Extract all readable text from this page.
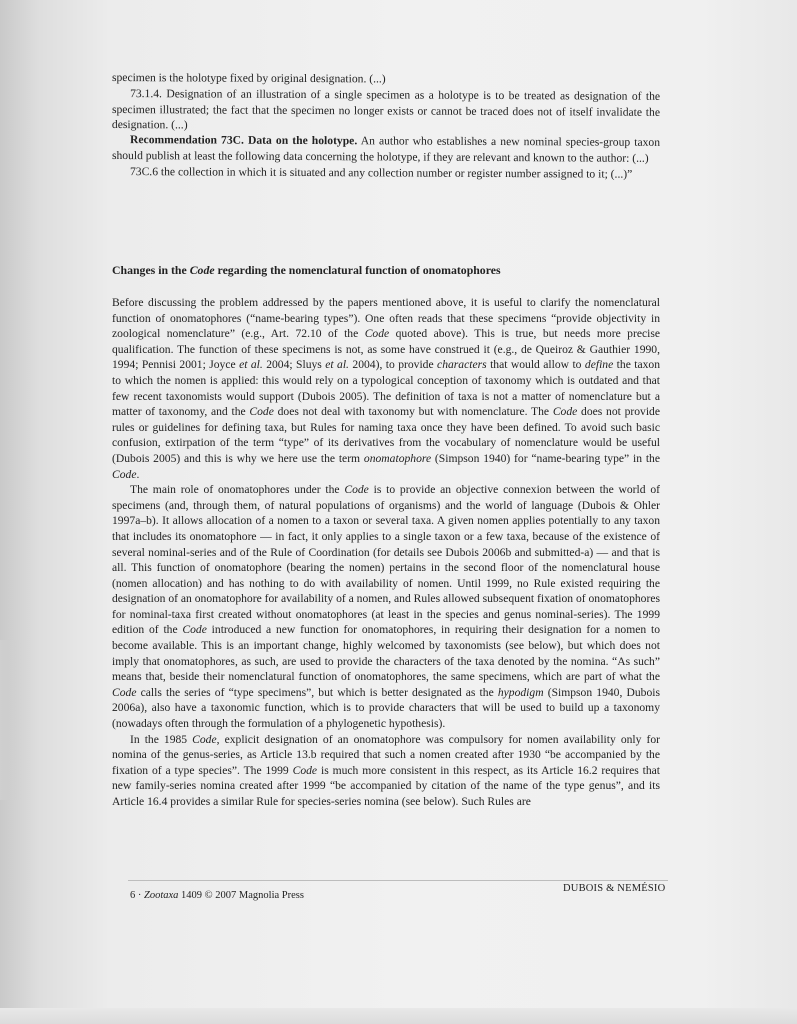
specimen is the holotype fixed by original designation. (...)

73.1.4. Designation of an illustration of a single specimen as a holotype is to be treated as designation of the specimen illustrated; the fact that the specimen no longer exists or cannot be traced does not of itself invalidate the designation. (...)

Recommendation 73C. Data on the holotype. An author who establishes a new nominal species-group taxon should publish at least the following data concerning the holotype, if they are relevant and known to the author: (...)

73C.6 the collection in which it is situated and any collection number or register number assigned to it; (...)”

Changes in the Code regarding the nomenclatural function of onomatophores

Before discussing the problem addressed by the papers mentioned above, it is useful to clarify the nomenclatural function of onomatophores (“name-bearing types”). One often reads that these specimens “provide objectivity in zoological nomenclature” (e.g., Art. 72.10 of the Code quoted above). This is true, but needs more precise qualification. The function of these specimens is not, as some have construed it (e.g., de Queiroz & Gauthier 1990, 1994; Pennisi 2001; Joyce et al. 2004; Sluys et al. 2004), to provide characters that would allow to define the taxon to which the nomen is applied: this would rely on a typological conception of taxonomy which is outdated and that few recent taxonomists would support (Dubois 2005). The definition of taxa is not a matter of nomenclature but a matter of taxonomy, and the Code does not deal with taxonomy but with nomenclature. The Code does not provide rules or guidelines for defining taxa, but Rules for naming taxa once they have been defined. To avoid such basic confusion, extirpation of the term “type” of its derivatives from the vocabulary of nomenclature would be useful (Dubois 2005) and this is why we here use the term onomatophore (Simpson 1940) for “name-bearing type” in the Code.

The main role of onomatophores under the Code is to provide an objective connexion between the world of specimens (and, through them, of natural populations of organisms) and the world of language (Dubois & Ohler 1997a–b). It allows allocation of a nomen to a taxon or several taxa. A given nomen applies potentially to any taxon that includes its onomatophore — in fact, it only applies to a single taxon or a few taxa, because of the existence of several nominal-series and of the Rule of Coordination (for details see Dubois 2006b and submitted-a) — and that is all. This function of onomatophore (bearing the nomen) pertains in the second floor of the nomenclatural house (nomen allocation) and has nothing to do with availability of nomen. Until 1999, no Rule existed requiring the designation of an onomatophore for availability of a nomen, and Rules allowed subsequent fixation of onomatophores for nominal-taxa first created without onomatophores (at least in the species and genus nominal-series). The 1999 edition of the Code introduced a new function for onomatophores, in requiring their designation for a nomen to become available. This is an important change, highly welcomed by taxonomists (see below), but which does not imply that onomatophores, as such, are used to provide the characters of the taxa denoted by the nomina. “As such” means that, beside their nomenclatural function of onomatophores, the same specimens, which are part of what the Code calls the series of “type specimens”, but which is better designated as the hypodigm (Simpson 1940, Dubois 2006a), also have a taxonomic function, which is to provide characters that will be used to build up a taxonomy (nowadays often through the formulation of a phylogenetic hypothesis).

In the 1985 Code, explicit designation of an onomatophore was compulsory for nomen availability only for nomina of the genus-series, as Article 13.b required that such a nomen created after 1930 “be accompanied by the fixation of a type species”. The 1999 Code is much more consistent in this respect, as its Article 16.2 requires that new family-series nomina created after 1999 “be accompanied by citation of the name of the type genus”, and its Article 16.4 provides a similar Rule for species-series nomina (see below). Such Rules are

6 · Zootaxa 1409 © 2007 Magnolia Press
DUBOIS & NEMÉSIO
